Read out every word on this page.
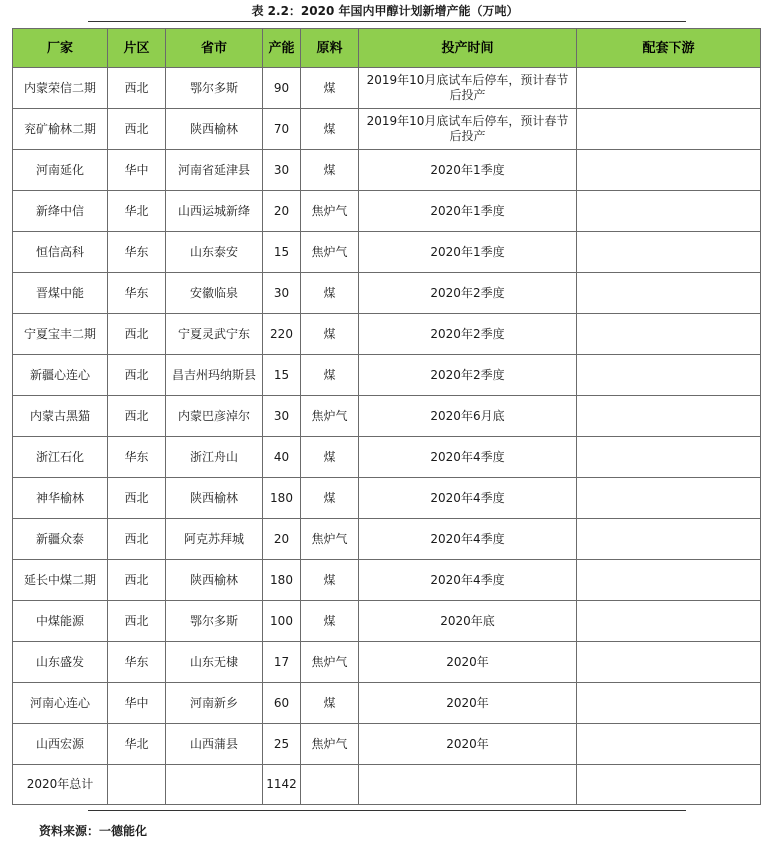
表 2.2：2020 年国内甲醇计划新增产能（万吨）
厂家	片区	省市	产能	原料	投产时间	配套下游
内蒙荣信二期	西北	鄂尔多斯	90	煤	2019年10月底试车后停车，预计春节后投产	
兖矿榆林二期	西北	陕西榆林	70	煤	2019年10月底试车后停车，预计春节后投产	
河南延化	华中	河南省延津县	30	煤	2020年1季度	
新绛中信	华北	山西运城新绛	20	焦炉气	2020年1季度	
恒信高科	华东	山东泰安	15	焦炉气	2020年1季度	
晋煤中能	华东	安徽临泉	30	煤	2020年2季度	
宁夏宝丰二期	西北	宁夏灵武宁东	220	煤	2020年2季度	
新疆心连心	西北	昌吉州玛纳斯县	15	煤	2020年2季度	
内蒙古黑猫	西北	内蒙巴彦淖尔	30	焦炉气	2020年6月底	
浙江石化	华东	浙江舟山	40	煤	2020年4季度	
神华榆林	西北	陕西榆林	180	煤	2020年4季度	
新疆众泰	西北	阿克苏拜城	20	焦炉气	2020年4季度	
延长中煤二期	西北	陕西榆林	180	煤	2020年4季度	
中煤能源	西北	鄂尔多斯	100	煤	2020年底	
山东盛发	华东	山东无棣	17	焦炉气	2020年	
河南心连心	华中	河南新乡	60	煤	2020年	
山西宏源	华北	山西蒲县	25	焦炉气	2020年	
2020年总计			1142			
资料来源：一德能化
